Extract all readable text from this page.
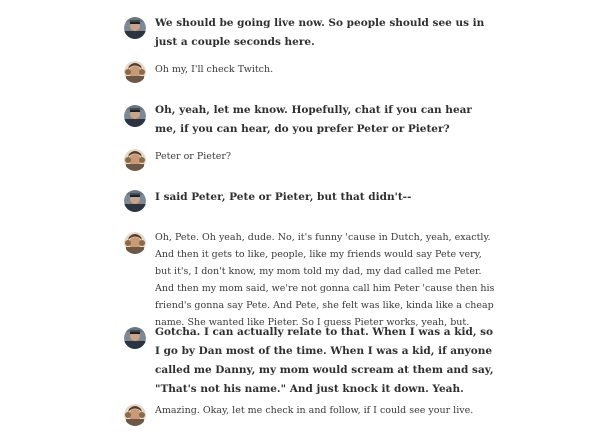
We should be going live now. So people should see us in just a couple seconds here.
Oh my, I'll check Twitch.
Oh, yeah, let me know. Hopefully, chat if you can hear me, if you can hear, do you prefer Peter or Pieter?
Peter or Pieter?
I said Peter, Pete or Pieter, but that didn't--
Oh, Pete. Oh yeah, dude. No, it's funny 'cause in Dutch, yeah, exactly. And then it gets to like, people, like my friends would say Pete very, but it's, I don't know, my mom told my dad, my dad called me Peter. And then my mom said, we're not gonna call him Peter 'cause then his friend's gonna say Pete. And Pete, she felt was like, kinda like a cheap name. She wanted like Pieter. So I guess Pieter works, yeah, but.
Gotcha. I can actually relate to that. When I was a kid, so I go by Dan most of the time. When I was a kid, if anyone called me Danny, my mom would scream at them and say, "That's not his name." And just knock it down. Yeah.
Amazing. Okay, let me check in and follow, if I could see your live.
